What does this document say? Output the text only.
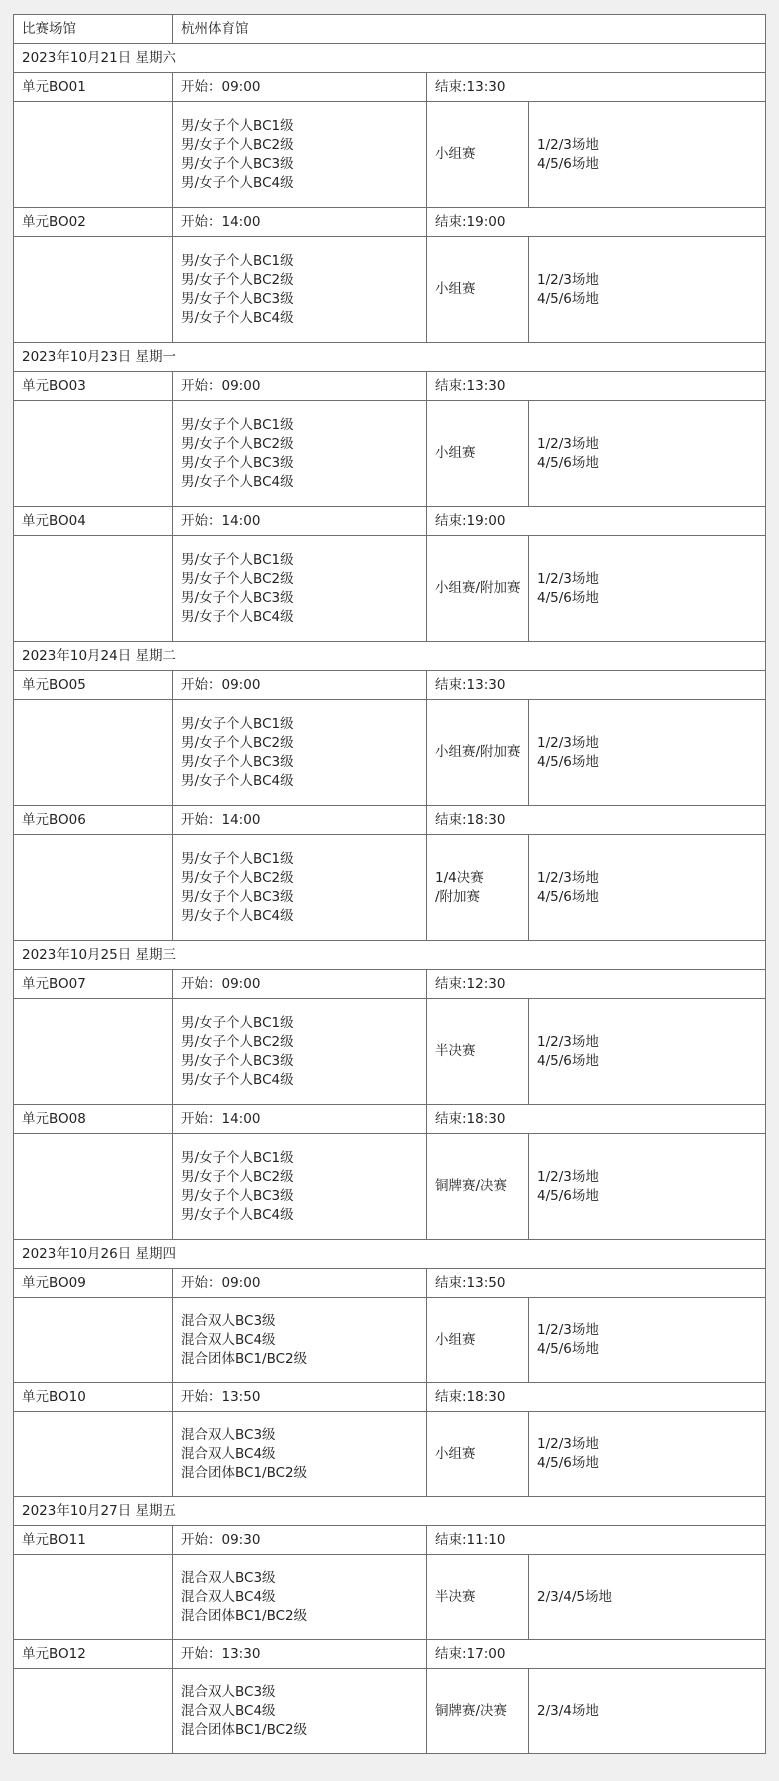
比赛场馆	杭州体育馆		
2023年10月21日 星期六			
单元BO01	开始：09:00	结束:13:30	

	男/女子个人BC1级
男/女子个人BC2级
男/女子个人BC3级
男/女子个人BC4级	小组赛	1/2/3场地
4/5/6场地

单元BO02	开始：14:00	结束:19:00	

	男/女子个人BC1级
男/女子个人BC2级
男/女子个人BC3级
男/女子个人BC4级	小组赛	1/2/3场地
4/5/6场地

2023年10月23日 星期一			
单元BO03	开始：09:00	结束:13:30	

	男/女子个人BC1级
男/女子个人BC2级
男/女子个人BC3级
男/女子个人BC4级	小组赛	1/2/3场地
4/5/6场地

单元BO04	开始：14:00	结束:19:00	

	男/女子个人BC1级
男/女子个人BC2级
男/女子个人BC3级
男/女子个人BC4级	小组赛/附加赛	1/2/3场地
4/5/6场地

2023年10月24日 星期二			
单元BO05	开始：09:00	结束:13:30	

	男/女子个人BC1级
男/女子个人BC2级
男/女子个人BC3级
男/女子个人BC4级	小组赛/附加赛	1/2/3场地
4/5/6场地

单元BO06	开始：14:00	结束:18:30	

	男/女子个人BC1级
男/女子个人BC2级
男/女子个人BC3级
男/女子个人BC4级	1/4决赛
/附加赛	1/2/3场地
4/5/6场地

2023年10月25日 星期三			
单元BO07	开始：09:00	结束:12:30	

	男/女子个人BC1级
男/女子个人BC2级
男/女子个人BC3级
男/女子个人BC4级	半决赛	1/2/3场地
4/5/6场地

单元BO08	开始：14:00	结束:18:30	

	男/女子个人BC1级
男/女子个人BC2级
男/女子个人BC3级
男/女子个人BC4级	铜牌赛/决赛	1/2/3场地
4/5/6场地

2023年10月26日 星期四			
单元BO09	开始：09:00	结束:13:50	

	混合双人BC3级
混合双人BC4级
混合团体BC1/BC2级	小组赛	1/2/3场地
4/5/6场地

单元BO10	开始：13:50	结束:18:30	

	混合双人BC3级
混合双人BC4级
混合团体BC1/BC2级	小组赛	1/2/3场地
4/5/6场地

2023年10月27日 星期五			
单元BO11	开始：09:30	结束:11:10	

	混合双人BC3级
混合双人BC4级
混合团体BC1/BC2级	半决赛	2/3/4/5场地

单元BO12	开始：13:30	结束:17:00	

	混合双人BC3级
混合双人BC4级
混合团体BC1/BC2级	铜牌赛/决赛	2/3/4场地
